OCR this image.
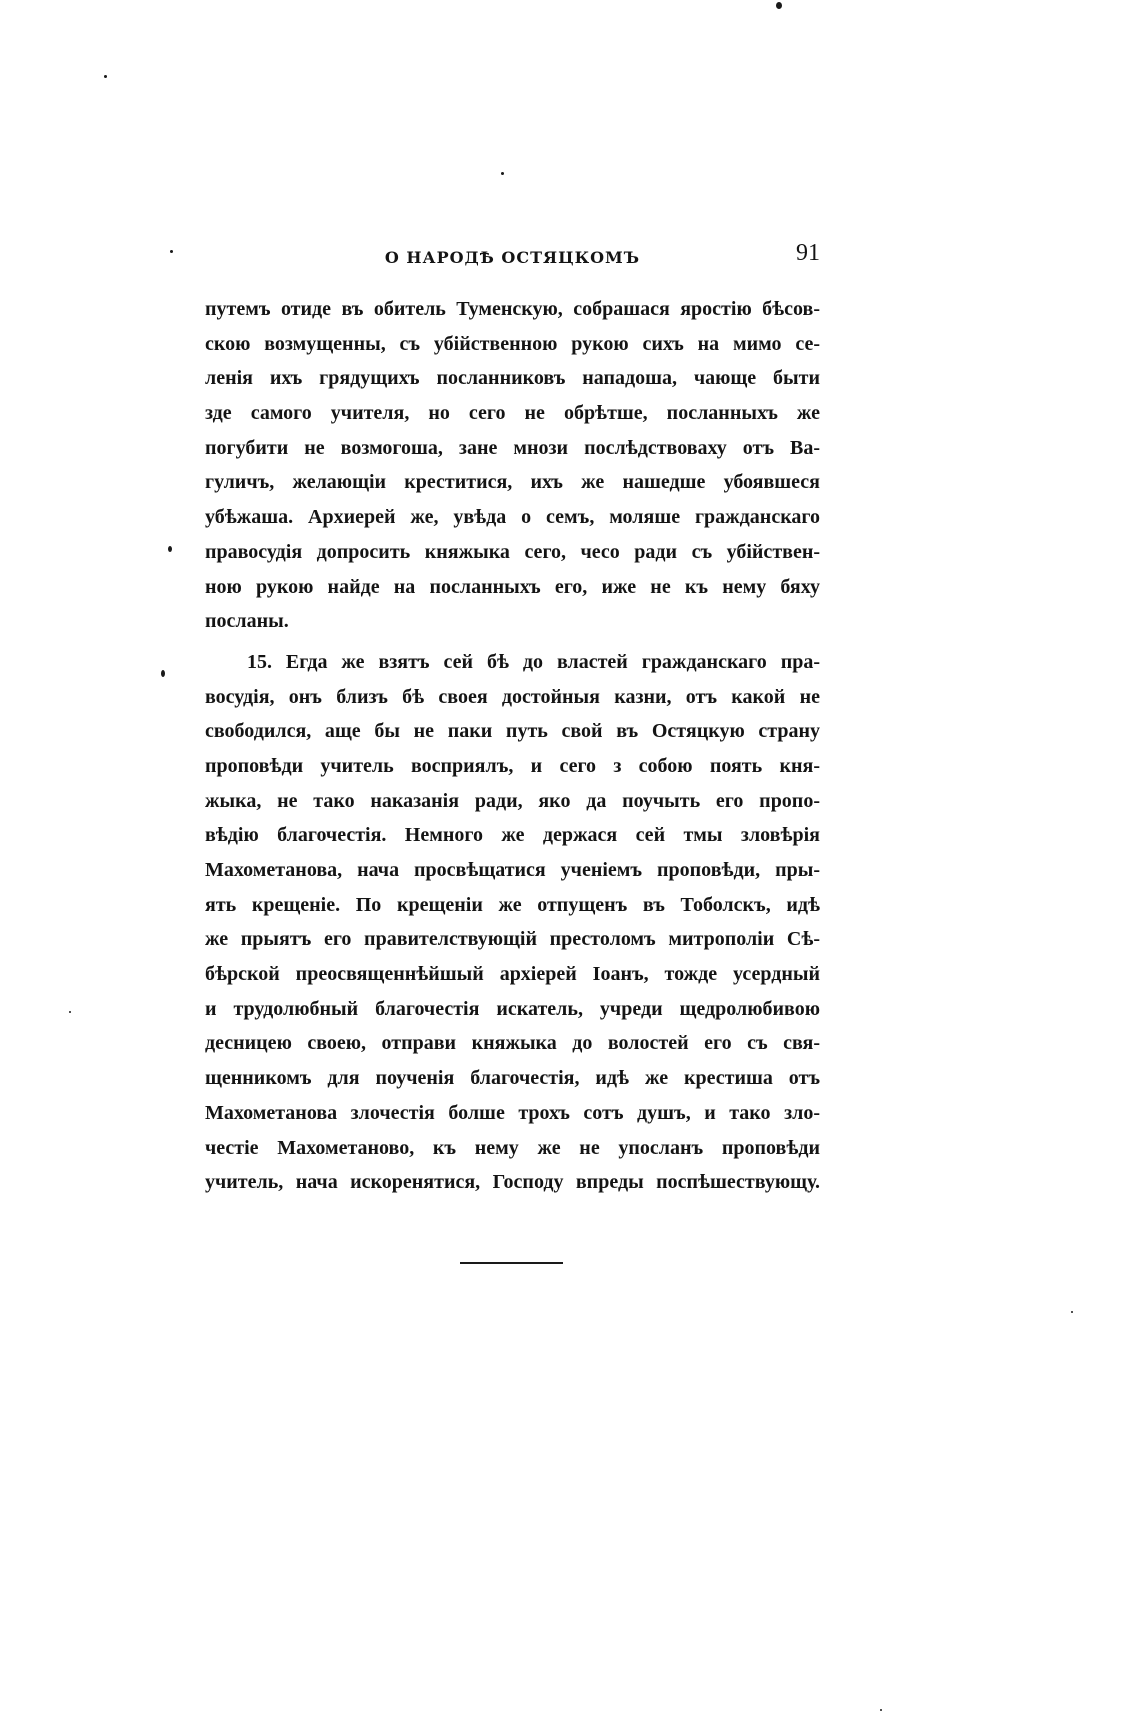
О НАРОДѢ ОСТЯЦКОМЪ	91
путемъ отиде въ обитель Туменскую, собрашася яростію бѣсов-
скою возмущенны, съ убійственною рукою сихъ на мимо се-
ленія ихъ грядущихъ посланниковъ нападоша, чающе быти
зде самого учителя, но сего не обрѣтше, посланныхъ же
погубити не возмогоша, зане мнози послѣдствоваху отъ Ва-
гуличъ, желающіи креститися, ихъ же нашедше убоявшеся
убѣжаша. Архиерей же, увѣда о семъ, моляше гражданскаго
правосудія допросить княжыка сего, чесо ради съ убійствен-
ною рукою найде на посланныхъ его, иже не къ нему бяху
посланы.
15. Егда же взятъ сей бѣ до властей гражданскаго пра-
восудія, онъ близъ бѣ своея достойныя казни, отъ какой не
свободился, аще бы не паки путь свой въ Остяцкую страну
проповѣди учитель восприялъ, и сего з собою поять кня-
жыка, не тако наказанія ради, яко да поучыть его пропо-
вѣдію благочестія. Немного же держася сей тмы зловѣрія
Махометанова, нача просвѣщатися ученіемъ проповѣди, пры-
ять крещеніе. По крещеніи же отпущенъ въ Тоболскъ, идѣ
же прыятъ его правителствующій престоломъ митрополіи Сѣ-
бѣрской преосвященнѣйшый архіерей Іоанъ, тожде усердный
и трудолюбный благочестія искатель, учреди щедролюбивою
десницею своею, отправи княжыка до волостей его съ свя-
щенникомъ для поученія благочестія, идѣ же крестиша отъ
Махометанова злочестія болше трохъ сотъ душъ, и тако зло-
честіе Махометаново, къ нему же не упосланъ проповѣди
учитель, нача искоренятися, Господу впреды поспѣшествующу.
